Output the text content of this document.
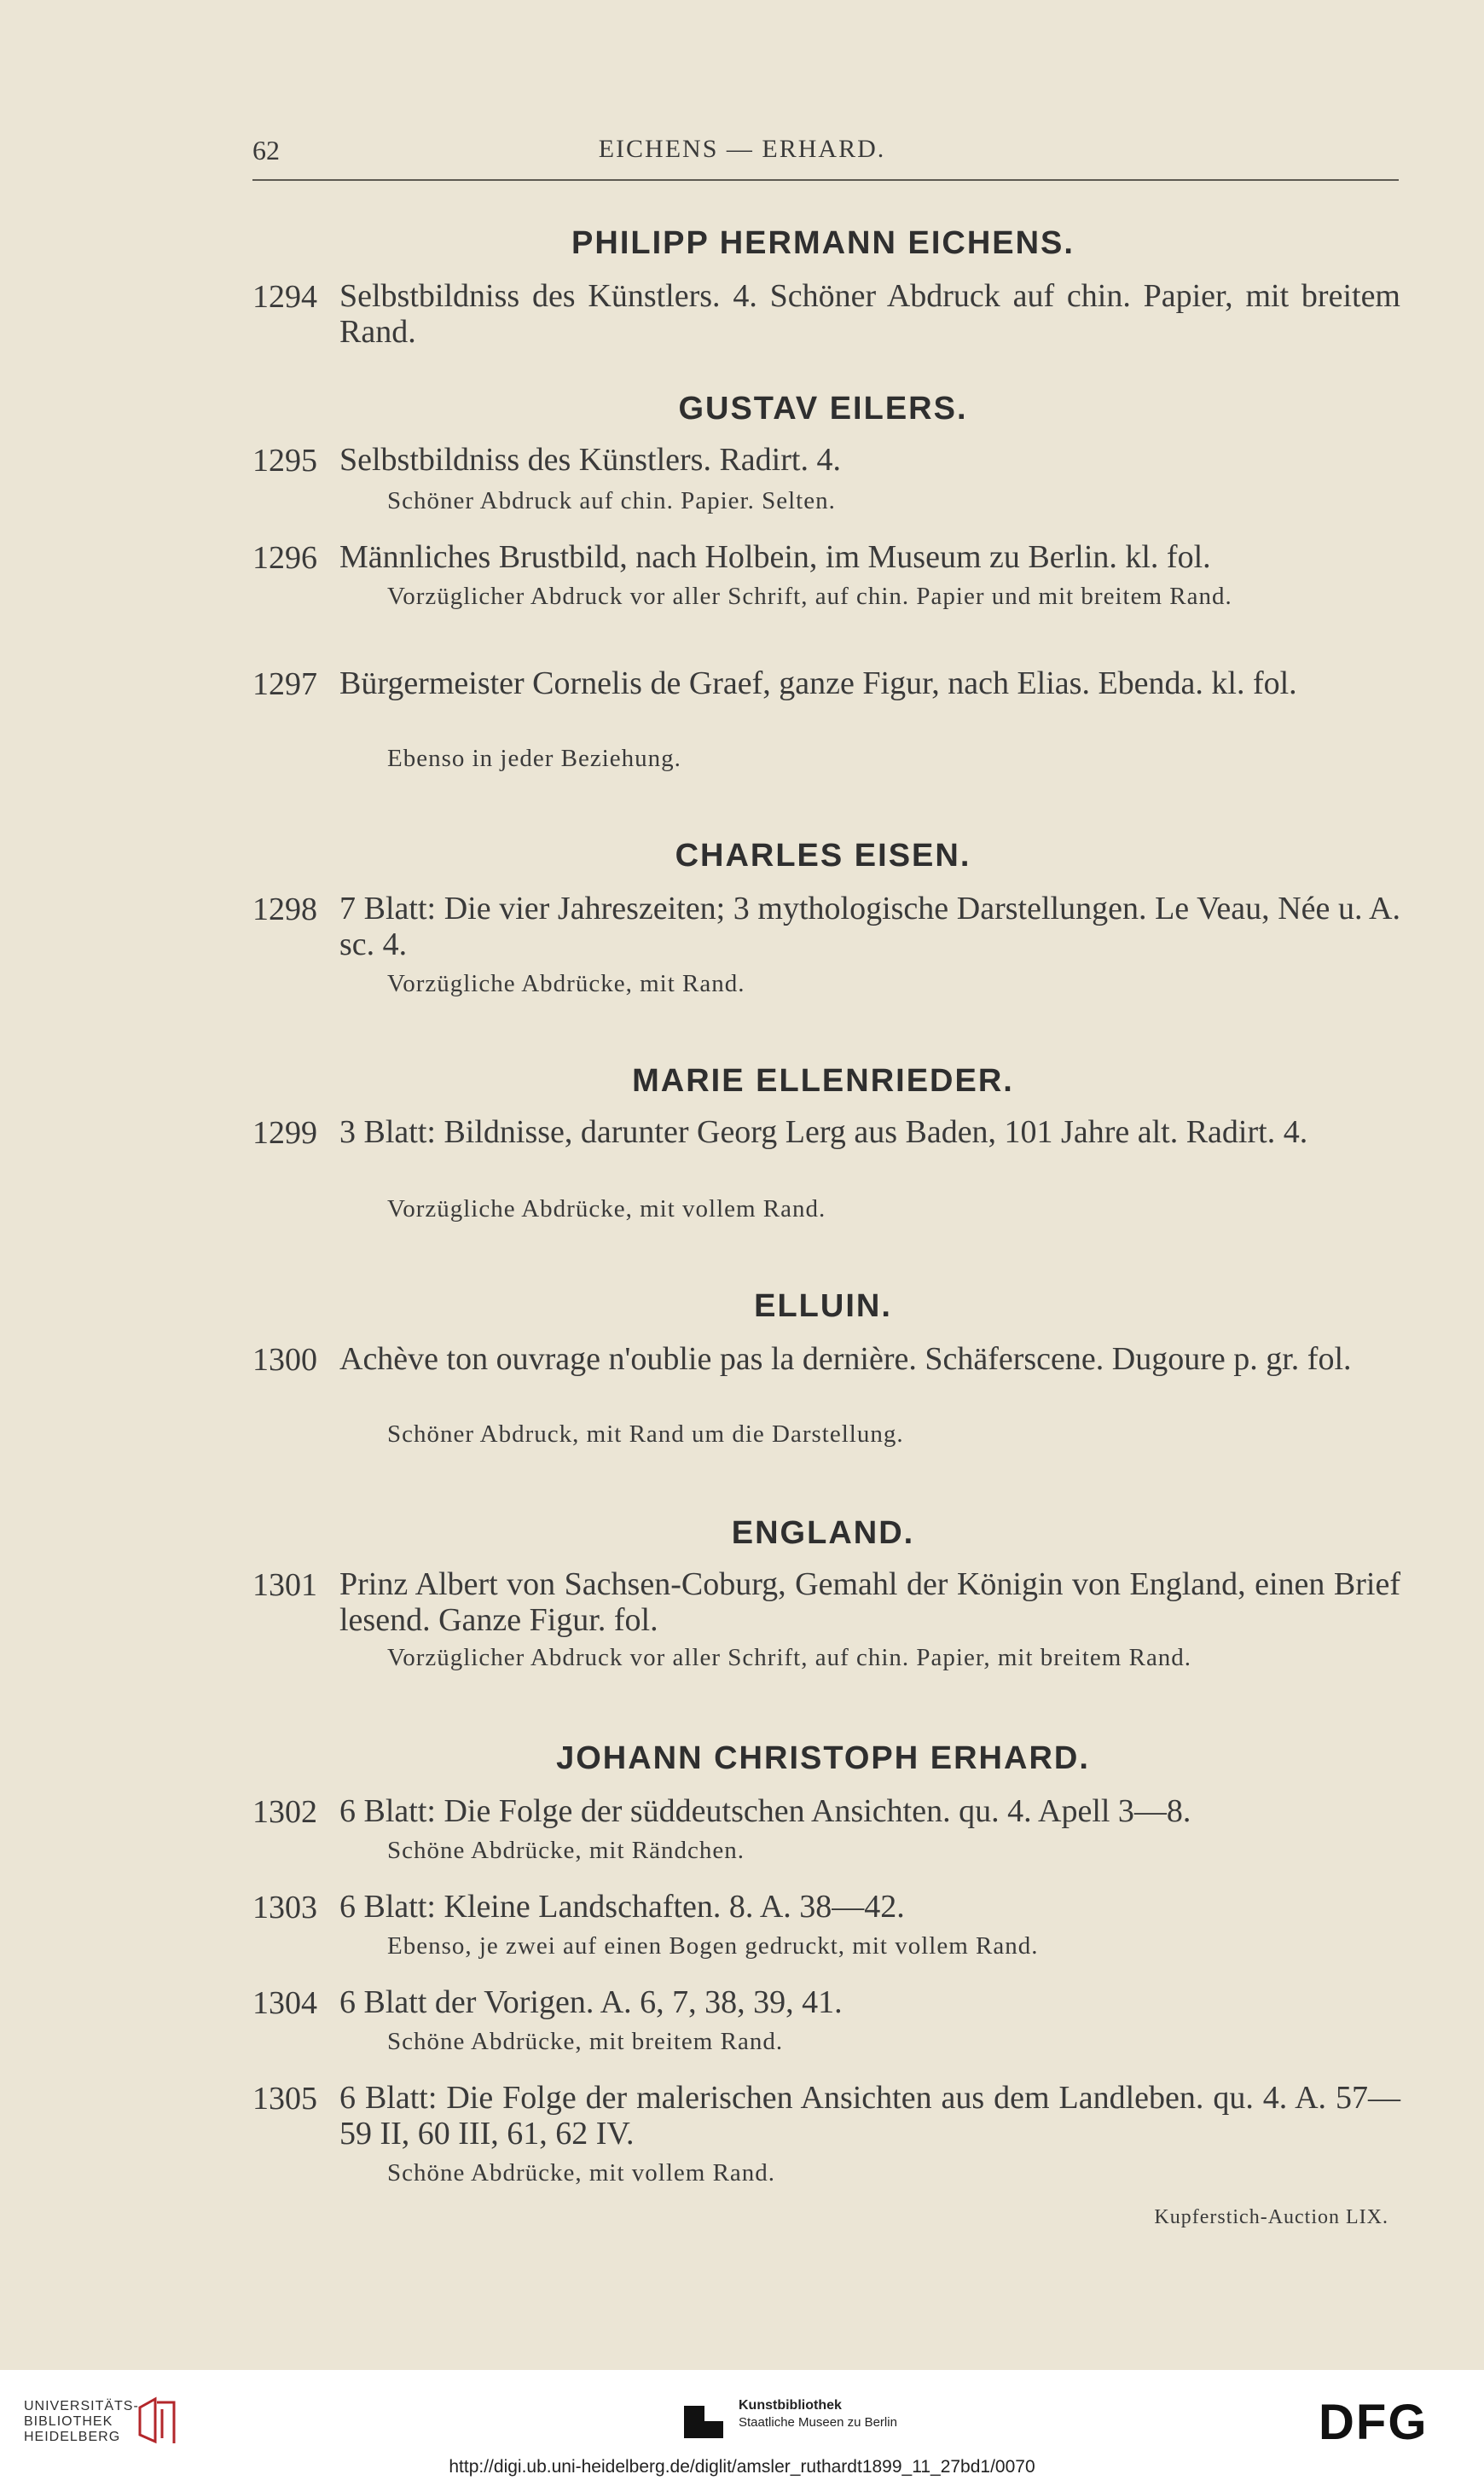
62	EICHENS — ERHARD.
PHILIPP HERMANN EICHENS.
1294 Selbstbildniss des Künstlers. 4. Schöner Abdruck auf chin. Papier, mit breitem Rand.
GUSTAV EILERS.
1295 Selbstbildniss des Künstlers. Radirt. 4.
Schöner Abdruck auf chin. Papier. Selten.
1296 Männliches Brustbild, nach Holbein, im Museum zu Berlin. kl. fol.
Vorzüglicher Abdruck vor aller Schrift, auf chin. Papier und mit breitem Rand.
1297 Bürgermeister Cornelis de Graef, ganze Figur, nach Elias. Ebenda. kl. fol.
Ebenso in jeder Beziehung.
CHARLES EISEN.
1298 7 Blatt: Die vier Jahreszeiten; 3 mythologische Darstellungen. Le Veau, Née u. A. sc. 4.
Vorzügliche Abdrücke, mit Rand.
MARIE ELLENRIEDER.
1299 3 Blatt: Bildnisse, darunter Georg Lerg aus Baden, 101 Jahre alt. Radirt. 4.
Vorzügliche Abdrücke, mit vollem Rand.
ELLUIN.
1300 Achève ton ouvrage n'oublie pas la dernière. Schäferscene. Dugoure p. gr. fol.
Schöner Abdruck, mit Rand um die Darstellung.
ENGLAND.
1301 Prinz Albert von Sachsen-Coburg, Gemahl der Königin von England, einen Brief lesend. Ganze Figur. fol.
Vorzüglicher Abdruck vor aller Schrift, auf chin. Papier, mit breitem Rand.
JOHANN CHRISTOPH ERHARD.
1302 6 Blatt: Die Folge der süddeutschen Ansichten. qu. 4. Apell 3—8.
Schöne Abdrücke, mit Rändchen.
1303 6 Blatt: Kleine Landschaften. 8. A. 38—42.
Ebenso, je zwei auf einen Bogen gedruckt, mit vollem Rand.
1304 6 Blatt der Vorigen. A. 6, 7, 38, 39, 41.
Schöne Abdrücke, mit breitem Rand.
1305 6 Blatt: Die Folge der malerischen Ansichten aus dem Landleben. qu. 4. A. 57—59 II, 60 III, 61, 62 IV.
Schöne Abdrücke, mit vollem Rand.
Kupferstich-Auction LIX.
UNIVERSITÄTS-
BIBLIOTHEK
HEIDELBERG
Kunstbibliothek
Staatliche Museen zu Berlin	DFG
http://digi.ub.uni-heidelberg.de/diglit/amsler_ruthardt1899_11_27bd1/0070
